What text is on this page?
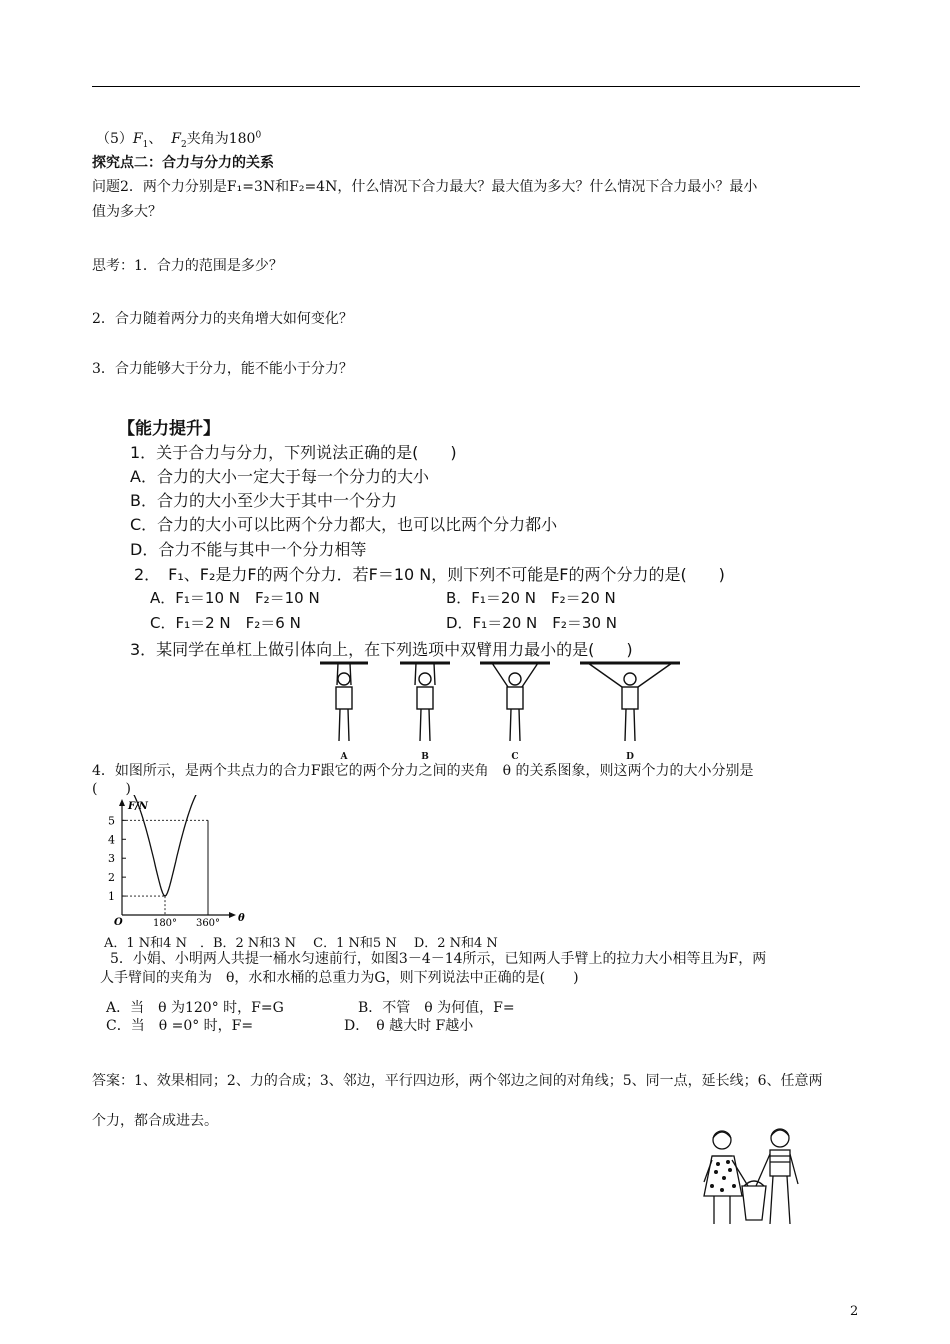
$(5)F_1$、 $F_2$夹角为$180^0$
探究点二：合力与分力的关系
问题2．两个力分别是F₁=3N和F₂=4N，什么情况下合力最大？最大值为多大？什么情况下合力最小？最小
值为多大？
思考：1．合力的范围是多少？
2．合力随着两分力的夹角增大如何变化？
3．合力能够大于分力，能不能小于分力？
【能力提升】
1．关于合力与分力，下列说法正确的是(　　)
A．合力的大小一定大于每一个分力的大小
B．合力的大小至少大于其中一个分力
C．合力的大小可以比两个分力都大，也可以比两个分力都小
D．合力不能与其中一个分力相等
2．　F₁、F₂是力F的两个分力．若F＝10 N，则下列不可能是F的两个分力的是(　　)
A．F₁＝10 N　F₂＝10 N	B．F₁＝20 N　F₂＝20 N
C．F₁＝2 N　F₂＝6 N	D．F₁＝20 N　F₂＝30 N
3．某同学在单杠上做引体向上，在下列选项中双臂用力最小的是(　　)
A	B	C	D
4．如图所示，是两个共点力的合力F跟它的两个分力之间的夹角　θ 的关系图象，则这两个力的大小分别是
(　　)
1
2
3
4
5
180° 360°
F/N
θ
O
A．1 N和4 N　．B．2 N和3 N　 C．1 N和5 N　 D．2 N和4 N
5．小娟、小明两人共提一桶水匀速前行，如图3－4－14所示，已知两人手臂上的拉力大小相等且为F，两
人手臂间的夹角为　θ，水和水桶的总重力为G，则下列说法中正确的是(　　)
A．当　θ 为120° 时，F=G	B．不管　θ 为何值，F=
C．当　θ =0° 时，F=	D．　θ 越大时 F越小
答案：1、效果相同；2、力的合成；3、邻边，平行四边形，两个邻边之间的对角线；5、同一点，延长线；6、任意两
个力，都合成进去。
2
